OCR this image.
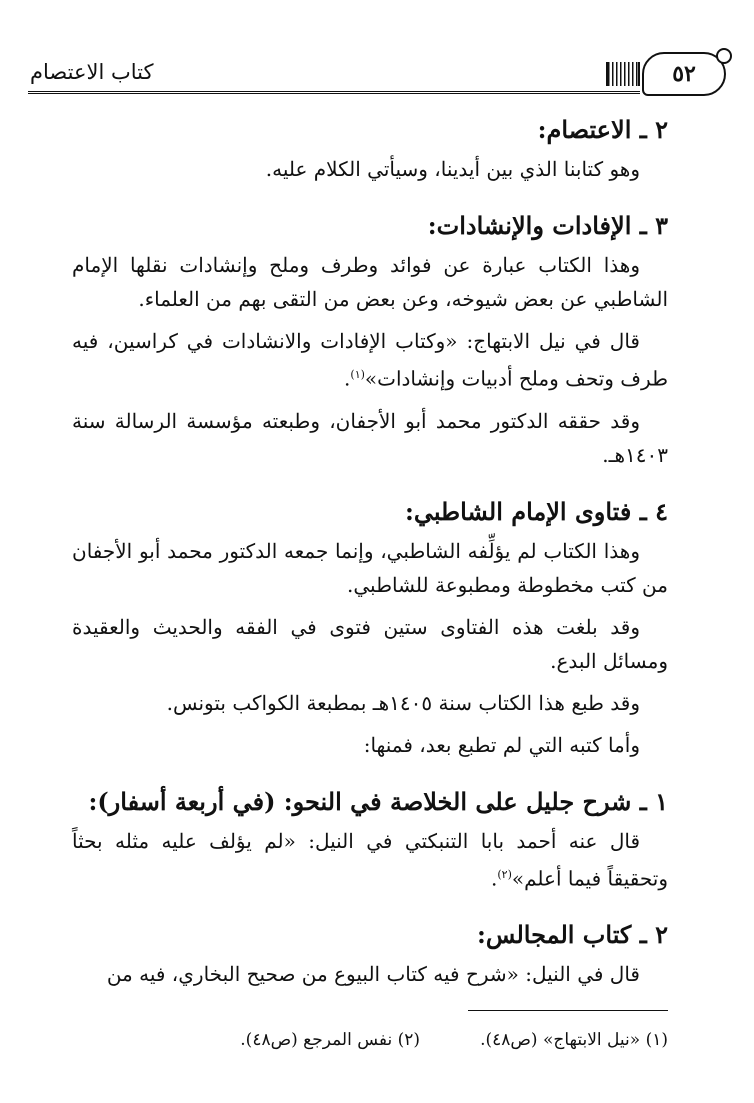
كتاب الاعتصام	٥٢
٢ ـ الاعتصام:

وهو كتابنا الذي بين أيدينا، وسيأتي الكلام عليه.

٣ ـ الإفادات والإنشادات:

وهذا الكتاب عبارة عن فوائد وطرف وملح وإنشادات نقلها الإمام الشاطبي عن بعض شيوخه، وعن بعض من التقى بهم من العلماء.

قال في نيل الابتهاج: «وكتاب الإفادات والانشادات في كراسين، فيه طرف وتحف وملح أدبيات وإنشادات»$^{(١)}$.

وقد حققه الدكتور محمد أبو الأجفان، وطبعته مؤسسة الرسالة سنة ١٤٠٣هـ.

٤ ـ فتاوى الإمام الشاطبي:

وهذا الكتاب لم يؤلِّفه الشاطبي، وإنما جمعه الدكتور محمد أبو الأجفان من كتب مخطوطة ومطبوعة للشاطبي.

وقد بلغت هذه الفتاوى ستين فتوى في الفقه والحديث والعقيدة ومسائل البدع.

وقد طبع هذا الكتاب سنة ١٤٠٥هـ بمطبعة الكواكب بتونس.

وأما كتبه التي لم تطبع بعد، فمنها:

١ ـ شرح جليل على الخلاصة في النحو: (في أربعة أسفار):

قال عنه أحمد بابا التنبكتي في النيل: «لم يؤلف عليه مثله بحثاً وتحقيقاً فيما أعلم»$^{(٢)}$.

٢ ـ كتاب المجالس:

قال في النيل: «شرح فيه كتاب البيوع من صحيح البخاري، فيه من

(١) «نيل الابتهاج» (ص٤٨).
(٢) نفس المرجع (ص٤٨).
